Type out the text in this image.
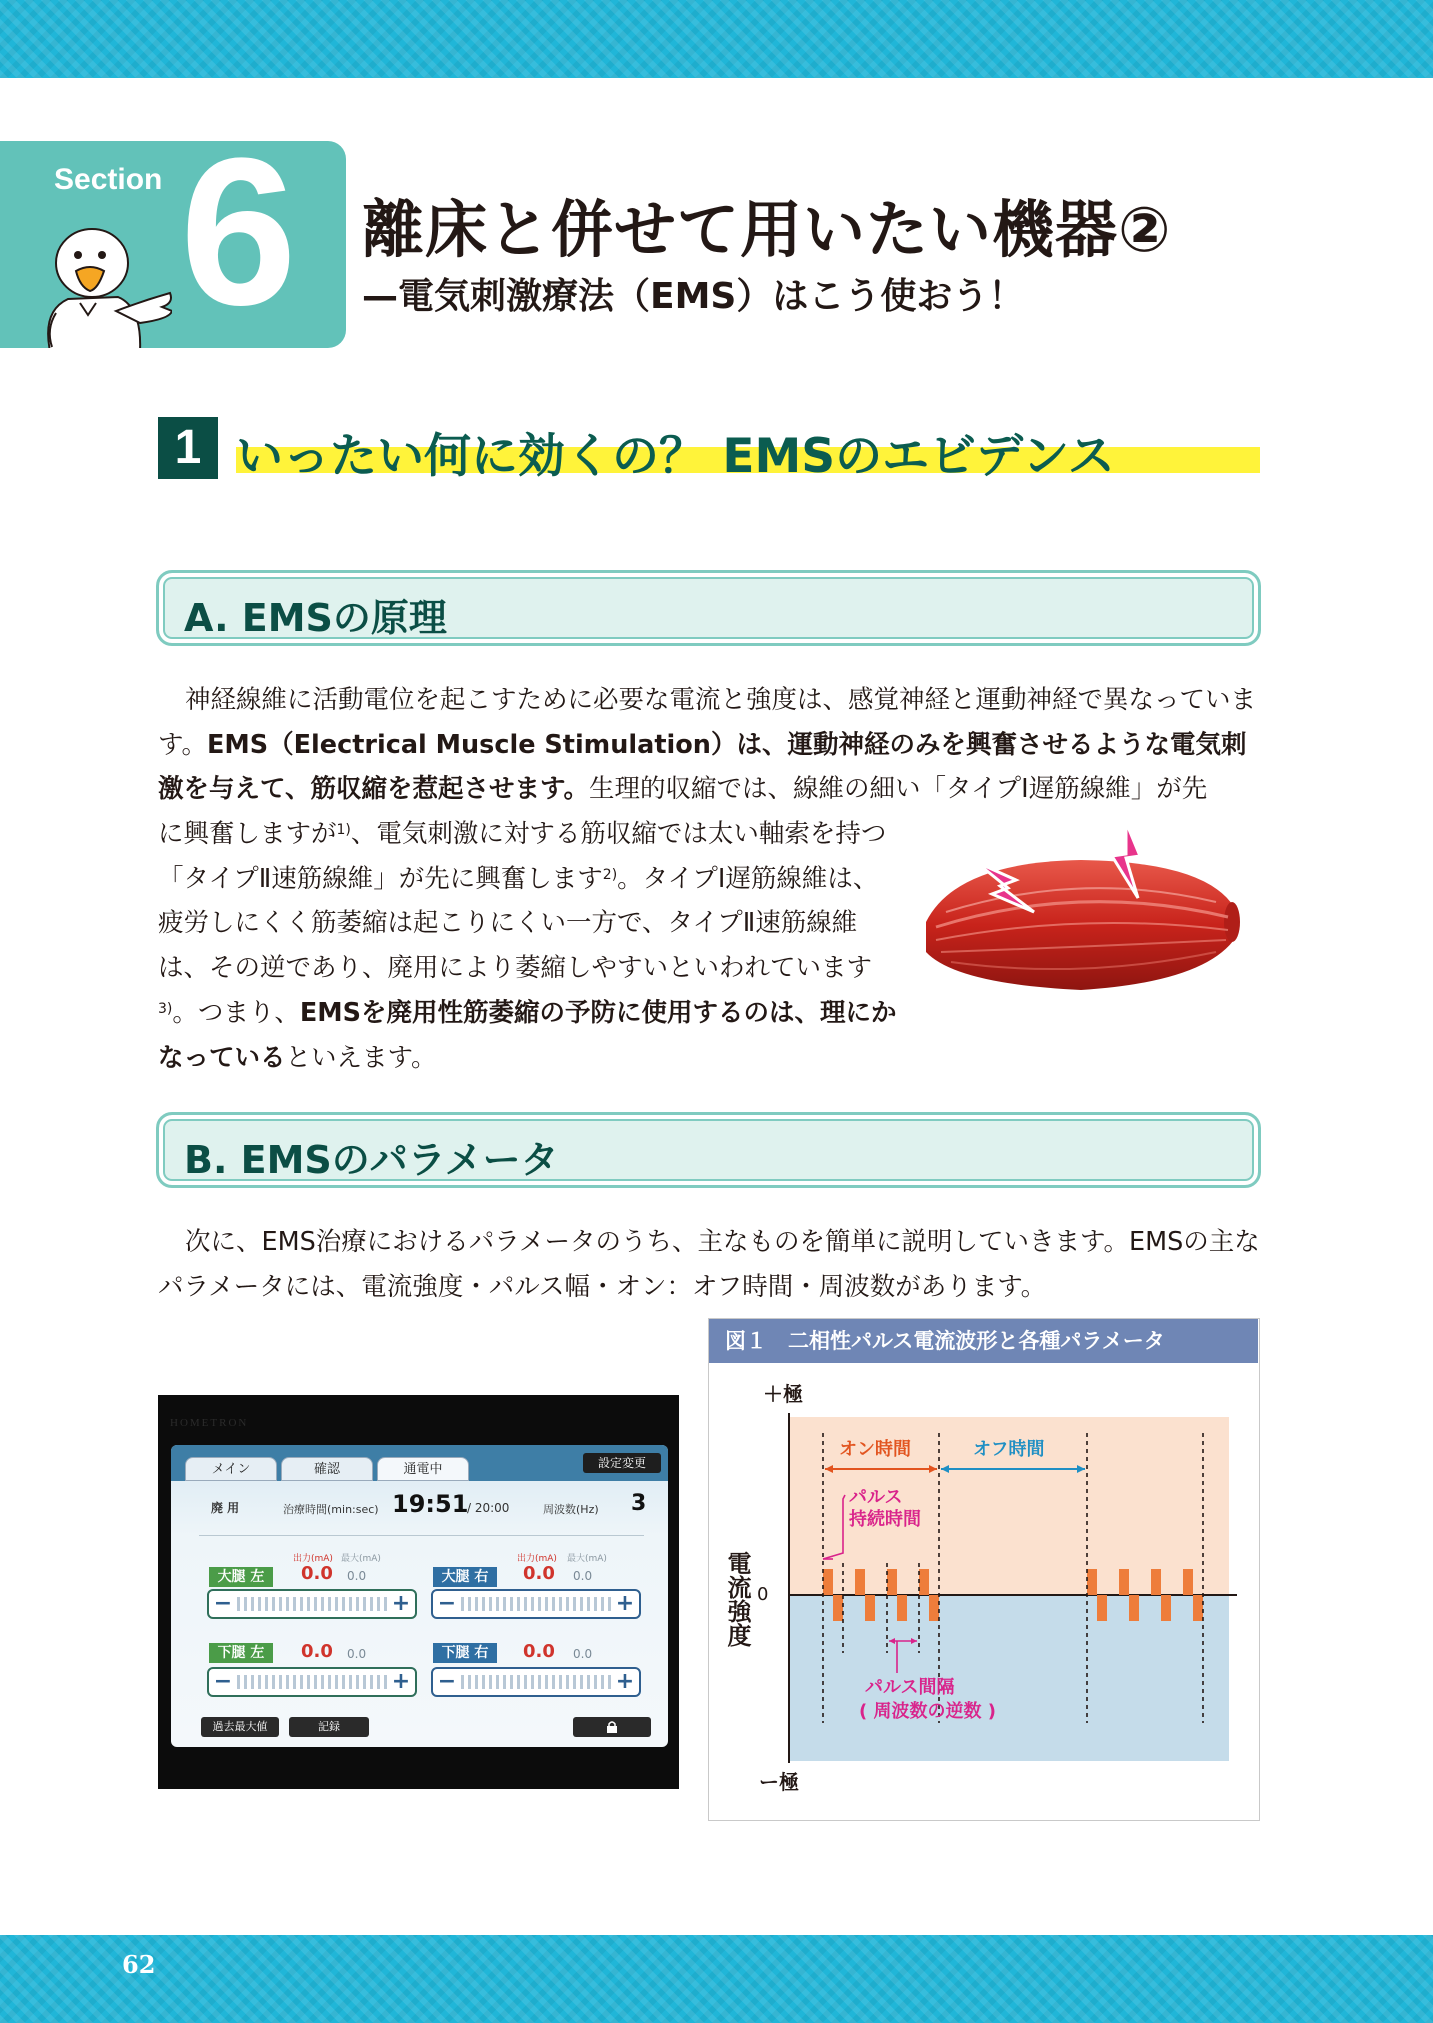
Section 6 離床と併せて用いたい機器②
—電気刺激療法（EMS）はこう使おう！
1 いったい何に効くの？ EMSのエビデンス
A. EMSの原理
神経線維に活動電位を起こすために必要な電流と強度は、感覚神経と運動神経で異なっています。EMS（Electrical Muscle Stimulation）は、運動神経のみを興奮させるような電気刺激を与えて、筋収縮を惹起させます。生理的収縮では、線維の細い「タイプⅠ遅筋線維」が先
に興奮しますが$^{1)}$、電気刺激に対する筋収縮では太い軸索を持つ「タイプⅡ速筋線維」が先に興奮します$^{2)}$。タイプⅠ遅筋線維は、疲労しにくく筋萎縮は起こりにくい一方で、タイプⅡ速筋線維は、その逆であり、廃用により萎縮しやすいといわれています$^{3)}$。つまり、EMSを廃用性筋萎縮の予防に使用するのは、理にかなっているといえます。
B. EMSのパラメータ
次に、EMS治療におけるパラメータのうち、主なものを簡単に説明していきます。EMSの主なパラメータには、電流強度・パルス幅・オン：オフ時間・周波数があります。
HOMETRON
メイン	確認	通電中	設定変更
廃 用	治療時間(min:sec) 19:51
/ 20:00	周波数(Hz) 3
大腿 左
出力(mA) 最大(mA)
0.0 0.0
−	+
大腿 右
出力(mA) 最大(mA)
0.0 0.0
−	+
下腿 左	0.0 0.0
−	+
下腿 右	0.0 0.0
−	+
過去最大値	記録
図１　二相性パルス電流波形と各種パラメータ
＋極
ー極
0
電流強度
オン時間	オフ時間
パルス
持続時間
パルス間隔
( 周波数の逆数 )
62
